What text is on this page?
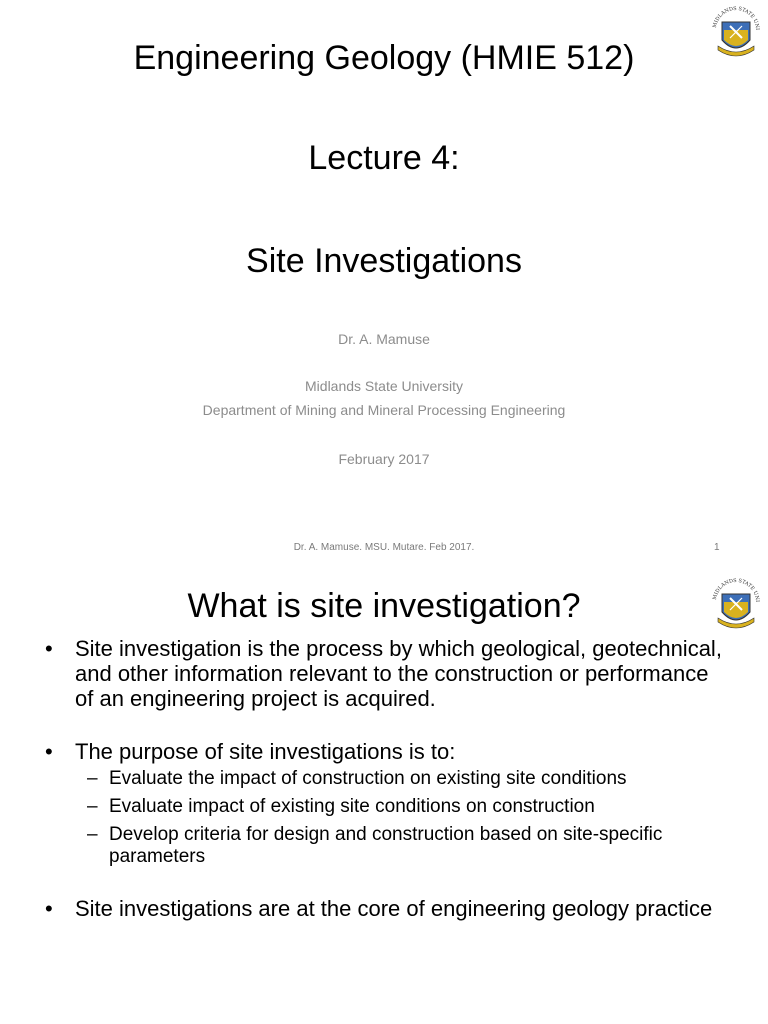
MIDLANDS STATE UNI
Engineering Geology (HMIE 512)
Lecture 4:
Site Investigations
Dr. A. Mamuse
Midlands State University
Department of Mining and Mineral Processing Engineering
February 2017
Dr. A. Mamuse. MSU. Mutare. Feb 2017.	1
MIDLANDS STATE UNI
What is site investigation?
• Site investigation is the process by which geological, geotechnical, and other information relevant to the construction or performance of an engineering project is acquired.
• The purpose of site investigations is to:
– Evaluate the impact of construction on existing site conditions
– Evaluate impact of existing site conditions on construction
– Develop criteria for design and construction based on site-specific parameters
• Site investigations are at the core of engineering geology practice
